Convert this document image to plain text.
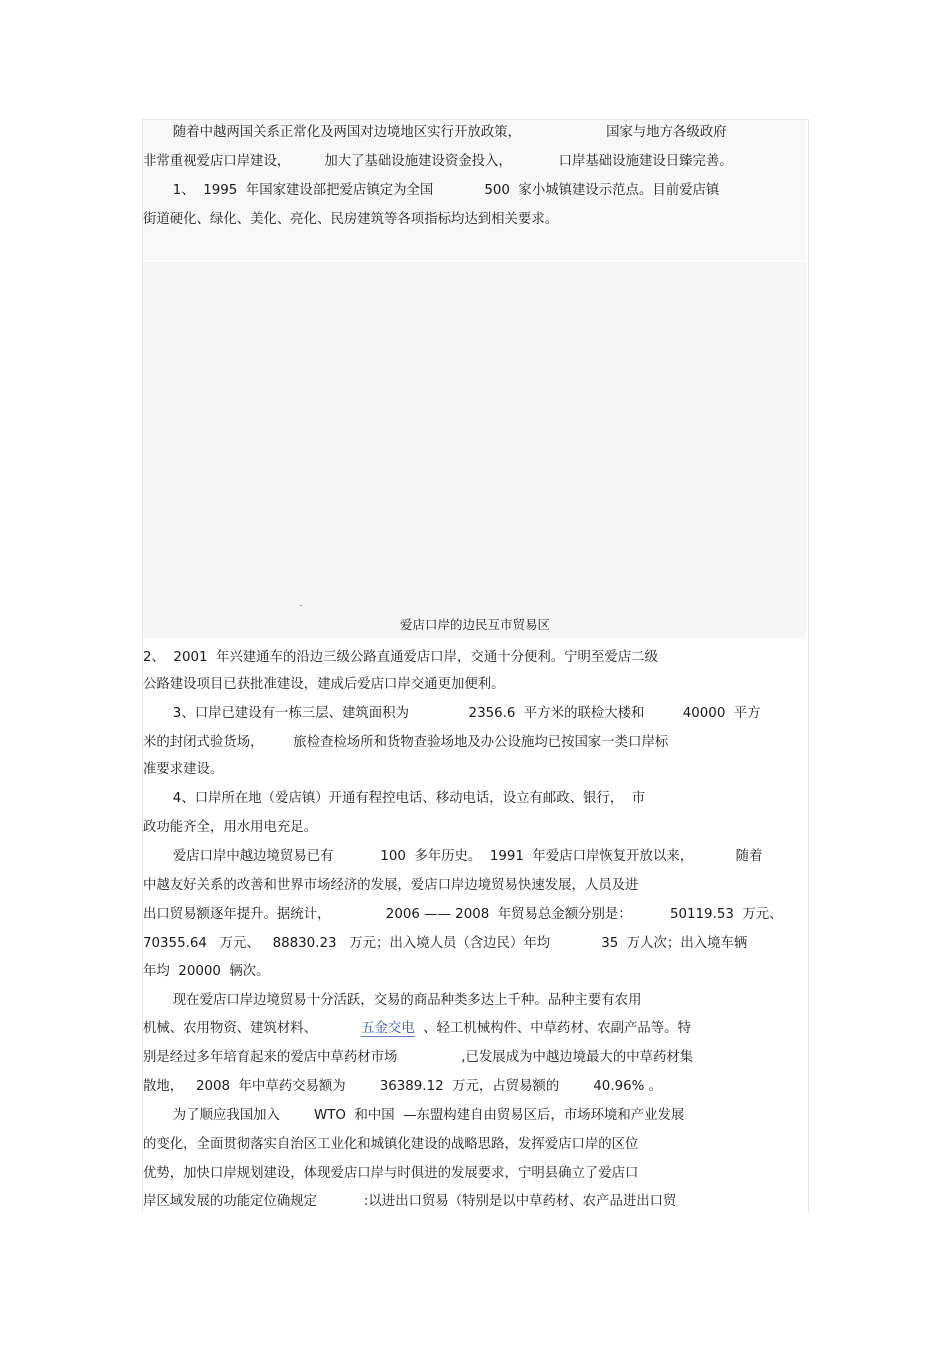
随着中越两国关系正常化及两国对边境地区实行开放政策，                    国家与地方各级政府
非常重视爱店口岸建设，        加大了基础设施建设资金投入，           口岸基础设施建设日臻完善。
1、  1995  年国家建设部把爱店镇定为全国            500  家小城镇建设示范点。目前爱店镇
街道硬化、绿化、美化、亮化、民房建筑等各项指标均达到相关要求。
爱店口岸的边民互市贸易区
2、  2001  年兴建通车的沿边三级公路直通爱店口岸，交通十分便利。宁明至爱店二级
公路建设项目已获批准建设，建成后爱店口岸交通更加便利。
3、口岸已建设有一栋三层、建筑面积为              2356.6  平方米的联检大楼和         40000  平方
米的封闭式验货场，       旅检查检场所和货物查验场地及办公设施均已按国家一类口岸标
准要求建设。
4、口岸所在地（爱店镇）开通有程控电话、移动电话，设立有邮政、银行，  市
政功能齐全，用水用电充足。
爱店口岸中越边境贸易已有           100  多年历史。  1991  年爱店口岸恢复开放以来，          随着
中越友好关系的改善和世界市场经济的发展，爱店口岸边境贸易快速发展，人员及进
出口贸易额逐年提升。据统计，             2006 —— 2008  年贸易总金额分别是：         50119.53  万元、
70355.64   万元、   88830.23   万元；出入境人员（含边民）年均            35  万人次；出入境车辆
年均  20000  辆次。
现在爱店口岸边境贸易十分活跃，交易的商品种类多达上千种。品种主要有农用
机械、农用物资、建筑材料、	五金交电  、轻工机械构件、中草药材、农副产品等。特
别是经过多年培育起来的爱店中草药材市场               ,已发展成为中越边境最大的中草药材集
散地，   2008  年中草药交易额为        36389.12  万元，占贸易额的        40.96% 。
为了顺应我国加入        WTO  和中国  —东盟构建自由贸易区后，市场环境和产业发展
的变化，全面贯彻落实自治区工业化和城镇化建设的战略思路，发挥爱店口岸的区位
优势，加快口岸规划建设，体现爱店口岸与时俱进的发展要求，宁明县确立了爱店口
岸区域发展的功能定位确规定           :以进出口贸易（特别是以中草药材、农产品进出口贸
